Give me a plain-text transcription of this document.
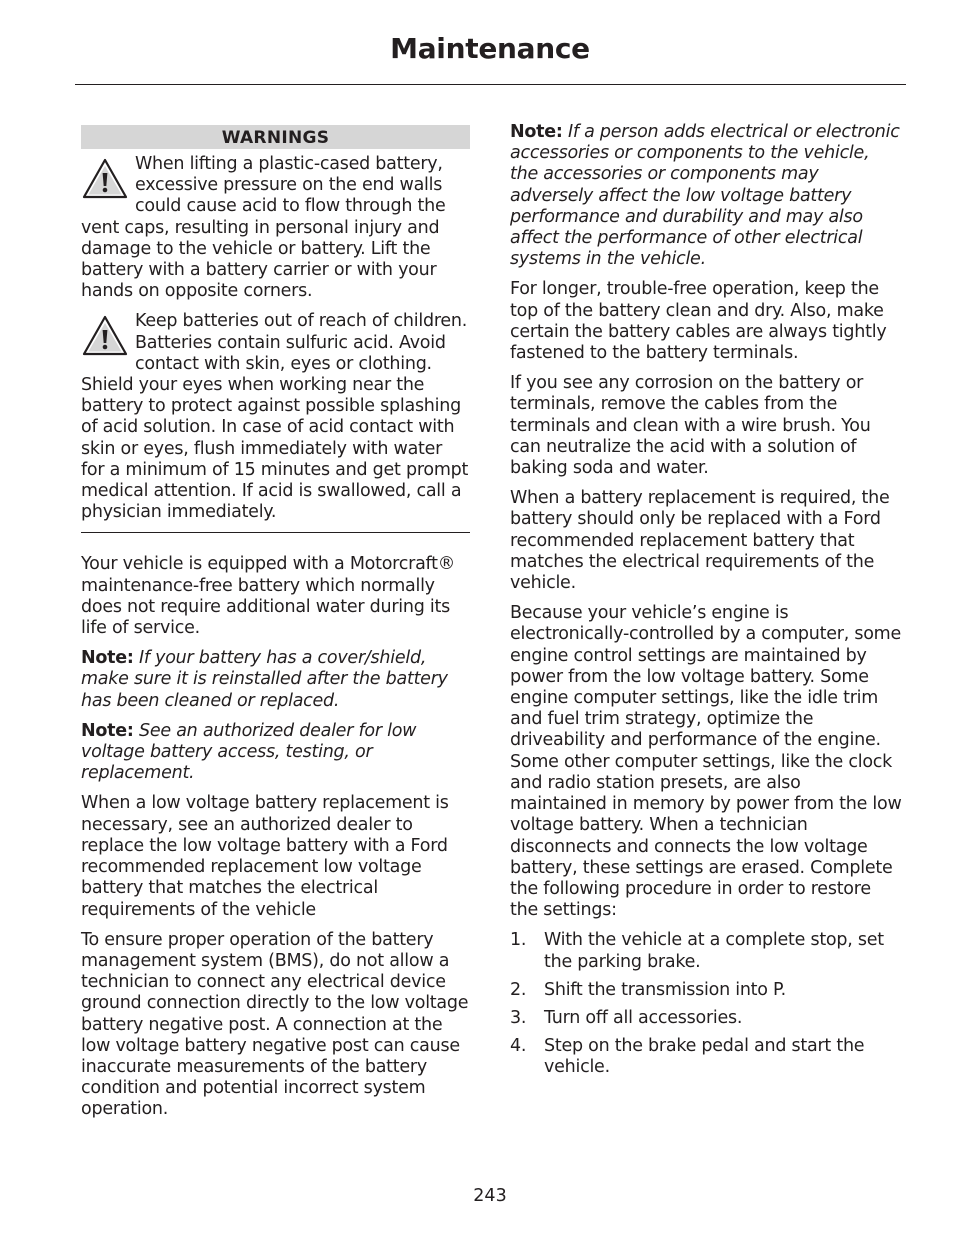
Maintenance
WARNINGS
When lifting a plastic-cased battery, excessive pressure on the end walls could cause acid to flow through the vent caps, resulting in personal injury and damage to the vehicle or battery. Lift the battery with a battery carrier or with your hands on opposite corners.
Keep batteries out of reach of children. Batteries contain sulfuric acid. Avoid contact with skin, eyes or clothing. Shield your eyes when working near the battery to protect against possible splashing of acid solution. In case of acid contact with skin or eyes, flush immediately with water for a minimum of 15 minutes and get prompt medical attention. If acid is swallowed, call a physician immediately.

Your vehicle is equipped with a Motorcraft® maintenance-free battery which normally does not require additional water during its life of service.

Note: If your battery has a cover/shield, make sure it is reinstalled after the battery has been cleaned or replaced.

Note: See an authorized dealer for low voltage battery access, testing, or replacement.

When a low voltage battery replacement is necessary, see an authorized dealer to replace the low voltage battery with a Ford recommended replacement low voltage battery that matches the electrical requirements of the vehicle

To ensure proper operation of the battery management system (BMS), do not allow a technician to connect any electrical device ground connection directly to the low voltage battery negative post. A connection at the low voltage battery negative post can cause inaccurate measurements of the battery condition and potential incorrect system operation.

Note: If a person adds electrical or electronic accessories or components to the vehicle, the accessories or components may adversely affect the low voltage battery performance and durability and may also affect the performance of other electrical systems in the vehicle.

For longer, trouble-free operation, keep the top of the battery clean and dry. Also, make certain the battery cables are always tightly fastened to the battery terminals.

If you see any corrosion on the battery or terminals, remove the cables from the terminals and clean with a wire brush. You can neutralize the acid with a solution of baking soda and water.

When a battery replacement is required, the battery should only be replaced with a Ford recommended replacement battery that matches the electrical requirements of the vehicle.

Because your vehicle’s engine is electronically-controlled by a computer, some engine control settings are maintained by power from the low voltage battery. Some engine computer settings, like the idle trim and fuel trim strategy, optimize the driveability and performance of the engine. Some other computer settings, like the clock and radio station presets, are also maintained in memory by power from the low voltage battery. When a technician disconnects and connects the low voltage battery, these settings are erased. Complete the following procedure in order to restore the settings:

1. With the vehicle at a complete stop, set the parking brake.
2. Shift the transmission into P.
3. Turn off all accessories.
4. Step on the brake pedal and start the vehicle.
243
